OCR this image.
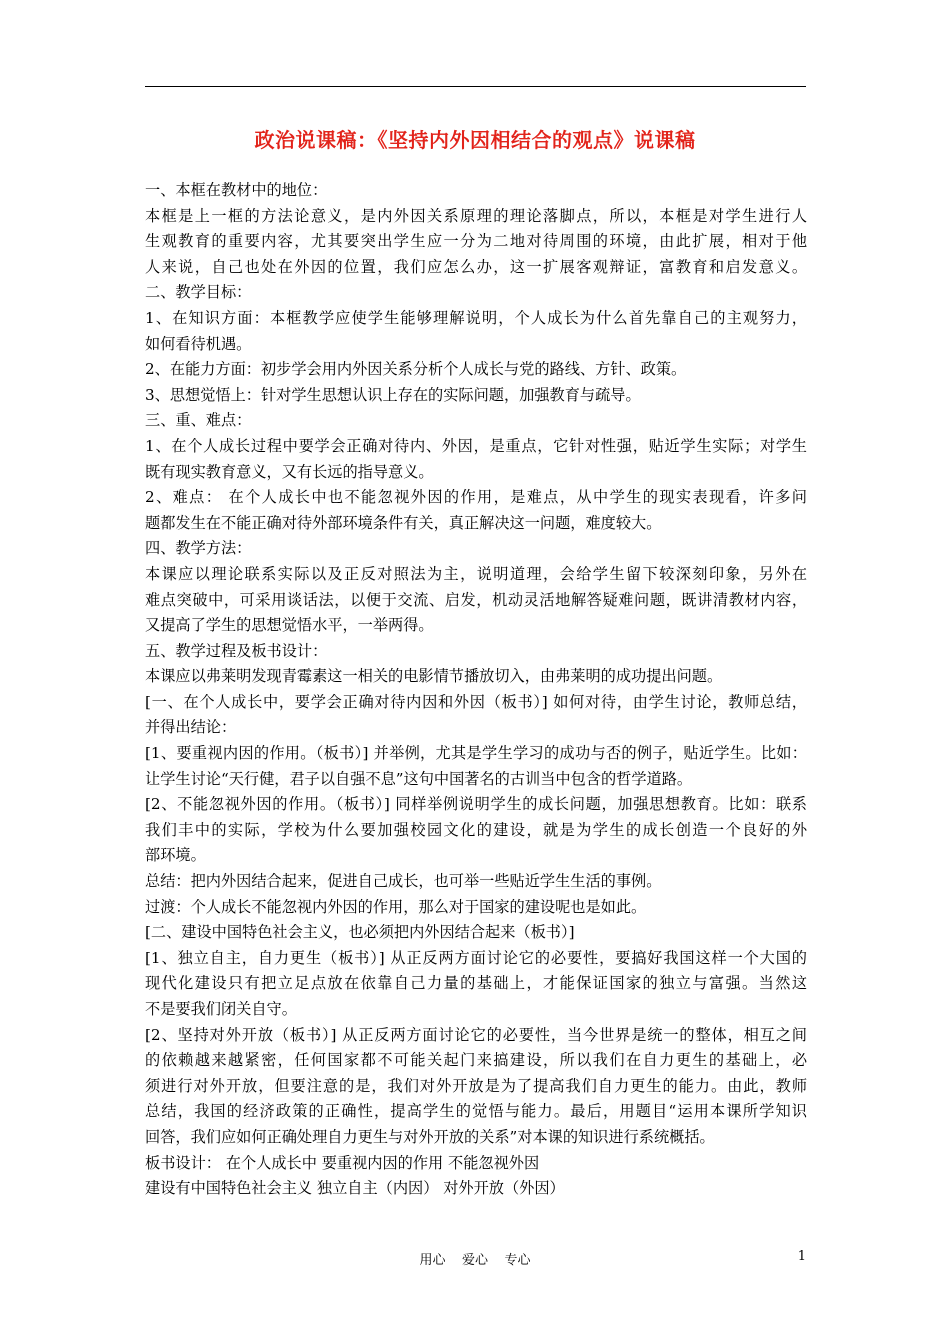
政治说课稿：《坚持内外因相结合的观点》说课稿
一、本框在教材中的地位：
本框是上一框的方法论意义，是内外因关系原理的理论落脚点，所以，本框是对学生进行人
生观教育的重要内容，尤其要突出学生应一分为二地对待周围的环境，由此扩展，相对于他
人来说，自己也处在外因的位置，我们应怎么办，这一扩展客观辩证，富教育和启发意义。
二、教学目标：
1、在知识方面：本框教学应使学生能够理解说明，个人成长为什么首先靠自己的主观努力，
如何看待机遇。
2、在能力方面：初步学会用内外因关系分析个人成长与党的路线、方针、政策。
3、思想觉悟上：针对学生思想认识上存在的实际问题，加强教育与疏导。
三、重、难点：
1、在个人成长过程中要学会正确对待内、外因，是重点，它针对性强，贴近学生实际；对学生
既有现实教育意义，又有长远的指导意义。
2、难点： 在个人成长中也不能忽视外因的作用，是难点，从中学生的现实表现看，许多问
题都发生在不能正确对待外部环境条件有关，真正解决这一问题，难度较大。
四、教学方法：
本课应以理论联系实际以及正反对照法为主，说明道理，会给学生留下较深刻印象，另外在
难点突破中，可采用谈话法，以便于交流、启发，机动灵活地解答疑难问题，既讲清教材内容，
又提高了学生的思想觉悟水平，一举两得。
五、教学过程及板书设计：
本课应以弗莱明发现青霉素这一相关的电影情节播放切入，由弗莱明的成功提出问题。
[一、在个人成长中，要学会正确对待内因和外因（板书）] 如何对待，由学生讨论，教师总结，
并得出结论：
[1、要重视内因的作用。（板书）] 并举例，尤其是学生学习的成功与否的例子，贴近学生。比如：
让学生讨论“天行健，君子以自强不息”这句中国著名的古训当中包含的哲学道路。
[2、不能忽视外因的作用。（板书）] 同样举例说明学生的成长问题，加强思想教育。比如：联系
我们丰中的实际，学校为什么要加强校园文化的建设，就是为学生的成长创造一个良好的外
部环境。
总结：把内外因结合起来，促进自己成长，也可举一些贴近学生生活的事例。
过渡：个人成长不能忽视内外因的作用，那么对于国家的建设呢也是如此。
[二、建设中国特色社会主义，也必须把内外因结合起来（板书）]
[1、独立自主，自力更生（板书）] 从正反两方面讨论它的必要性，要搞好我国这样一个大国的
现代化建设只有把立足点放在依靠自己力量的基础上，才能保证国家的独立与富强。当然这
不是要我们闭关自守。
[2、坚持对外开放（板书）] 从正反两方面讨论它的必要性，当今世界是统一的整体，相互之间
的依赖越来越紧密，任何国家都不可能关起门来搞建设，所以我们在自力更生的基础上，必
须进行对外开放，但要注意的是，我们对外开放是为了提高我们自力更生的能力。由此，教师
总结，我国的经济政策的正确性，提高学生的觉悟与能力。最后，用题目“运用本课所学知识
回答，我们应如何正确处理自力更生与对外开放的关系”对本课的知识进行系统概括。
板书设计： 在个人成长中 要重视内因的作用 不能忽视外因
建设有中国特色社会主义 独立自主（内因） 对外开放（外因）
用心    爱心    专心	1
